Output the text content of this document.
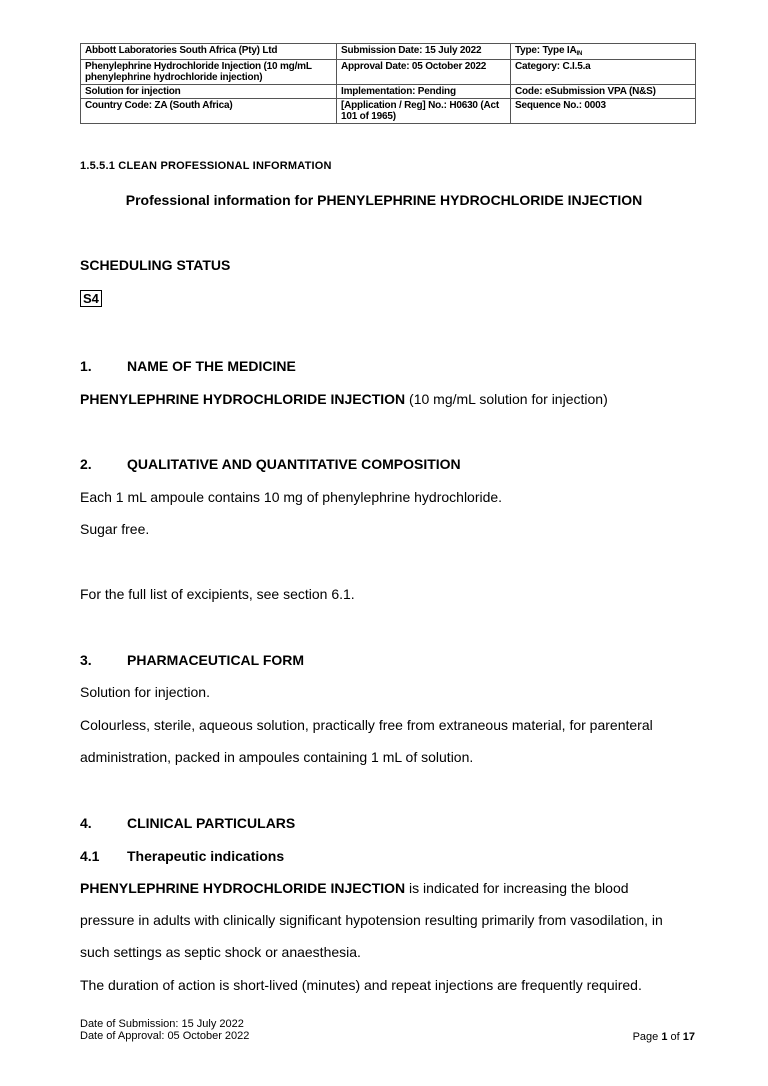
Abbott Laboratories South Africa (Pty) Ltd	Submission Date: 15 July 2022	Type: Type $IA_{IN}$
Phenylephrine Hydrochloride Injection (10 mg/mL phenylephrine hydrochloride injection)	Approval Date: 05 October 2022	Category: C.I.5.a
Solution for injection	Implementation: Pending	Code: eSubmission VPA (N&S)
Country Code: ZA (South Africa)	[Application / Reg] No.: H0630 (Act 101 of 1965)	Sequence No.: 0003
1.5.5.1 CLEAN PROFESSIONAL INFORMATION
Professional information for PHENYLEPHRINE HYDROCHLORIDE INJECTION
SCHEDULING STATUS
S4
1.	NAME OF THE MEDICINE
PHENYLEPHRINE HYDROCHLORIDE INJECTION (10 mg/mL solution for injection)
2.	QUALITATIVE AND QUANTITATIVE COMPOSITION
Each 1 mL ampoule contains 10 mg of phenylephrine hydrochloride.
Sugar free.
For the full list of excipients, see section 6.1.
3.	PHARMACEUTICAL FORM
Solution for injection.
Colourless, sterile, aqueous solution, practically free from extraneous material, for parenteral
administration, packed in ampoules containing 1 mL of solution.
4.	CLINICAL PARTICULARS
4.1 Therapeutic indications
PHENYLEPHRINE HYDROCHLORIDE INJECTION is indicated for increasing the blood
pressure in adults with clinically significant hypotension resulting primarily from vasodilation, in
such settings as septic shock or anaesthesia.
The duration of action is short-lived (minutes) and repeat injections are frequently required.
Date of Submission: 15 July 2022
Date of Approval: 05 October 2022	Page 1 of 17
